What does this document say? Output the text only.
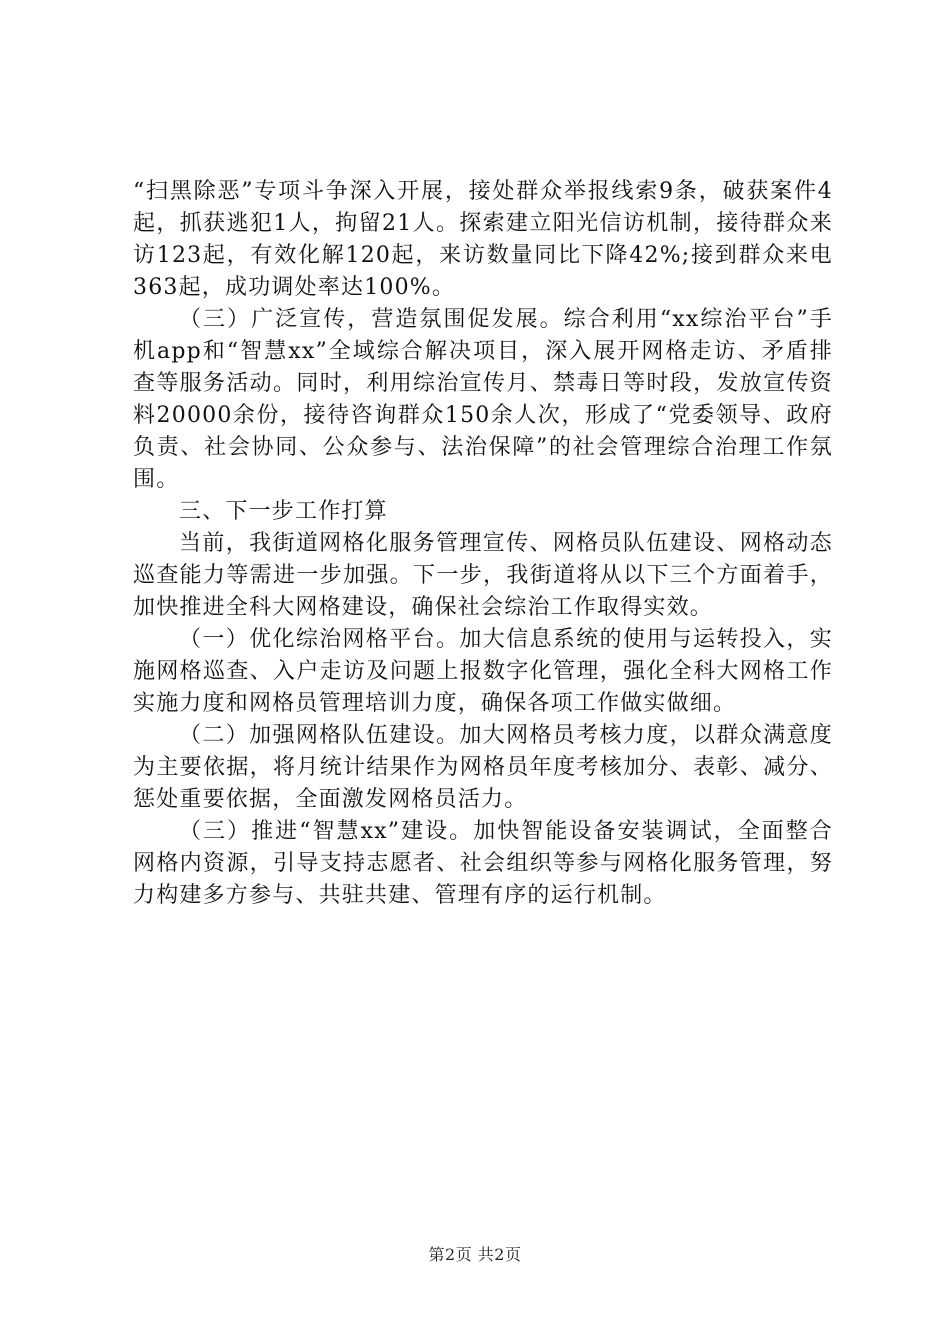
“扫黑除恶”专项斗争深入开展，接处群众举报线索9条，破获案件4起，抓获逃犯1人，拘留21人。探索建立阳光信访机制，接待群众来访123起，有效化解120起，来访数量同比下降42%;接到群众来电363起，成功调处率达100%。

（三）广泛宣传，营造氛围促发展。综合利用“xx综治平台”手机app和“智慧xx”全域综合解决项目，深入展开网格走访、矛盾排查等服务活动。同时，利用综治宣传月、禁毒日等时段，发放宣传资料20000余份，接待咨询群众150余人次，形成了“党委领导、政府负责、社会协同、公众参与、法治保障”的社会管理综合治理工作氛围。

三、下一步工作打算

当前，我街道网格化服务管理宣传、网格员队伍建设、网格动态巡查能力等需进一步加强。下一步，我街道将从以下三个方面着手，加快推进全科大网格建设，确保社会综治工作取得实效。

（一）优化综治网格平台。加大信息系统的使用与运转投入，实施网格巡查、入户走访及问题上报数字化管理，强化全科大网格工作实施力度和网格员管理培训力度，确保各项工作做实做细。

（二）加强网格队伍建设。加大网格员考核力度，以群众满意度为主要依据，将月统计结果作为网格员年度考核加分、表彰、减分、惩处重要依据，全面激发网格员活力。

（三）推进“智慧xx”建设。加快智能设备安装调试，全面整合网格内资源，引导支持志愿者、社会组织等参与网格化服务管理，努力构建多方参与、共驻共建、管理有序的运行机制。

第2页 共2页
